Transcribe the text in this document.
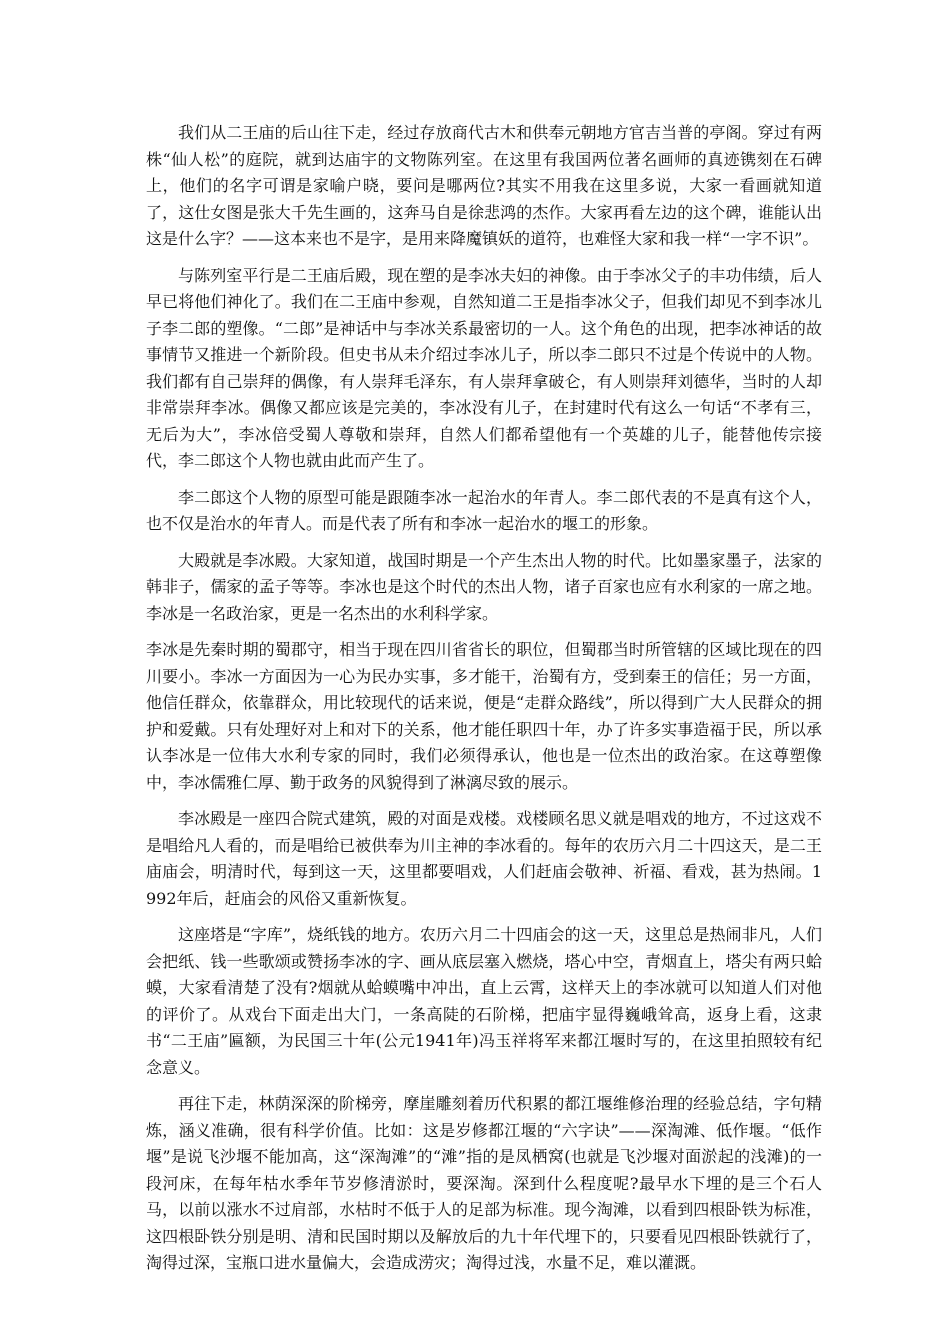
我们从二王庙的后山往下走，经过存放商代古木和供奉元朝地方官吉当普的亭阁。穿过有两株“仙人松”的庭院，就到达庙宇的文物陈列室。在这里有我国两位著名画师的真迹镌刻在石碑上，他们的名字可谓是家喻户晓，要问是哪两位?其实不用我在这里多说，大家一看画就知道了，这仕女图是张大千先生画的，这奔马自是徐悲鸿的杰作。大家再看左边的这个碑，谁能认出这是什么字？——这本来也不是字，是用来降魔镇妖的道符，也难怪大家和我一样“一字不识”。

与陈列室平行是二王庙后殿，现在塑的是李冰夫妇的神像。由于李冰父子的丰功伟绩，后人早已将他们神化了。我们在二王庙中参观，自然知道二王是指李冰父子，但我们却见不到李冰儿子李二郎的塑像。“二郎”是神话中与李冰关系最密切的一人。这个角色的出现，把李冰神话的故事情节又推进一个新阶段。但史书从未介绍过李冰儿子，所以李二郎只不过是个传说中的人物。我们都有自己崇拜的偶像，有人崇拜毛泽东，有人崇拜拿破仑，有人则崇拜刘德华，当时的人却非常崇拜李冰。偶像又都应该是完美的，李冰没有儿子，在封建时代有这么一句话“不孝有三，无后为大”，李冰倍受蜀人尊敬和崇拜，自然人们都希望他有一个英雄的儿子，能替他传宗接代，李二郎这个人物也就由此而产生了。

李二郎这个人物的原型可能是跟随李冰一起治水的年青人。李二郎代表的不是真有这个人，也不仅是治水的年青人。而是代表了所有和李冰一起治水的堰工的形象。

大殿就是李冰殿。大家知道，战国时期是一个产生杰出人物的时代。比如墨家墨子，法家的韩非子，儒家的孟子等等。李冰也是这个时代的杰出人物，诸子百家也应有水利家的一席之地。李冰是一名政治家，更是一名杰出的水利科学家。

李冰是先秦时期的蜀郡守，相当于现在四川省省长的职位，但蜀郡当时所管辖的区域比现在的四川要小。李冰一方面因为一心为民办实事，多才能干，治蜀有方，受到秦王的信任；另一方面，他信任群众，依靠群众，用比较现代的话来说，便是“走群众路线”，所以得到广大人民群众的拥护和爱戴。只有处理好对上和对下的关系，他才能任职四十年，办了许多实事造福于民，所以承认李冰是一位伟大水利专家的同时，我们必须得承认，他也是一位杰出的政治家。在这尊塑像中，李冰儒雅仁厚、勤于政务的风貌得到了淋漓尽致的展示。

李冰殿是一座四合院式建筑，殿的对面是戏楼。戏楼顾名思义就是唱戏的地方，不过这戏不是唱给凡人看的，而是唱给已被供奉为川主神的李冰看的。每年的农历六月二十四这天，是二王庙庙会，明清时代，每到这一天，这里都要唱戏，人们赶庙会敬神、祈福、看戏，甚为热闹。1992年后，赶庙会的风俗又重新恢复。

这座塔是“字库”，烧纸钱的地方。农历六月二十四庙会的这一天，这里总是热闹非凡，人们会把纸、钱一些歌颂或赞扬李冰的字、画从底层塞入燃烧，塔心中空，青烟直上，塔尖有两只蛤蟆，大家看清楚了没有?烟就从蛤蟆嘴中冲出，直上云霄，这样天上的李冰就可以知道人们对他的评价了。从戏台下面走出大门，一条高陡的石阶梯，把庙宇显得巍峨耸高，返身上看，这隶书“二王庙”匾额，为民国三十年(公元1941年)冯玉祥将军来都江堰时写的，在这里拍照较有纪念意义。

再往下走，林荫深深的阶梯旁，摩崖雕刻着历代积累的都江堰维修治理的经验总结，字句精炼，涵义准确，很有科学价值。比如：这是岁修都江堰的“六字诀”——深淘滩、低作堰。“低作堰”是说飞沙堰不能加高，这“深淘滩”的“滩”指的是凤栖窝(也就是飞沙堰对面淤起的浅滩)的一段河床，在每年枯水季年节岁修清淤时，要深淘。深到什么程度呢?最早水下埋的是三个石人马，以前以涨水不过肩部，水枯时不低于人的足部为标准。现今淘滩，以看到四根卧铁为标准，这四根卧铁分别是明、清和民国时期以及解放后的九十年代埋下的，只要看见四根卧铁就行了，淘得过深，宝瓶口进水量偏大，会造成涝灾；淘得过浅，水量不足，难以灌溉。
